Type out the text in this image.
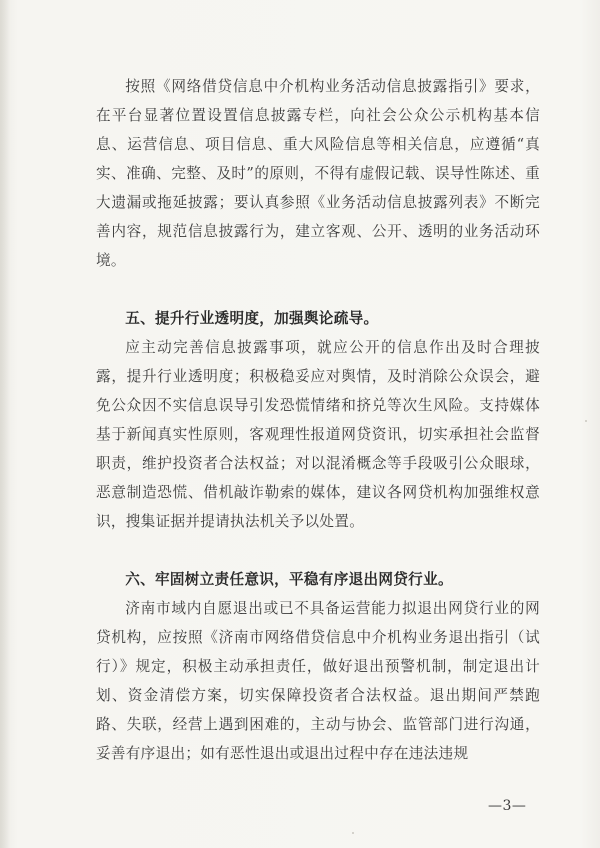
按照《网络借贷信息中介机构业务活动信息披露指引》要求，在平台显著位置设置信息披露专栏，向社会公众公示机构基本信息、运营信息、项目信息、重大风险信息等相关信息，应遵循“真实、准确、完整、及时”的原则，不得有虚假记载、误导性陈述、重大遗漏或拖延披露；要认真参照《业务活动信息披露列表》不断完善内容，规范信息披露行为，建立客观、公开、透明的业务活动环境。

五、提升行业透明度，加强舆论疏导。

应主动完善信息披露事项，就应公开的信息作出及时合理披露，提升行业透明度；积极稳妥应对舆情，及时消除公众误会，避免公众因不实信息误导引发恐慌情绪和挤兑等次生风险。支持媒体基于新闻真实性原则，客观理性报道网贷资讯，切实承担社会监督职责，维护投资者合法权益；对以混淆概念等手段吸引公众眼球，恶意制造恐慌、借机敲诈勒索的媒体，建议各网贷机构加强维权意识，搜集证据并提请执法机关予以处置。

六、牢固树立责任意识，平稳有序退出网贷行业。

济南市域内自愿退出或已不具备运营能力拟退出网贷行业的网贷机构，应按照《济南市网络借贷信息中介机构业务退出指引（试行）》规定，积极主动承担责任，做好退出预警机制，制定退出计划、资金清偿方案，切实保障投资者合法权益。退出期间严禁跑路、失联，经营上遇到困难的，主动与协会、监管部门进行沟通，妥善有序退出；如有恶性退出或退出过程中存在违法违规

—3—
